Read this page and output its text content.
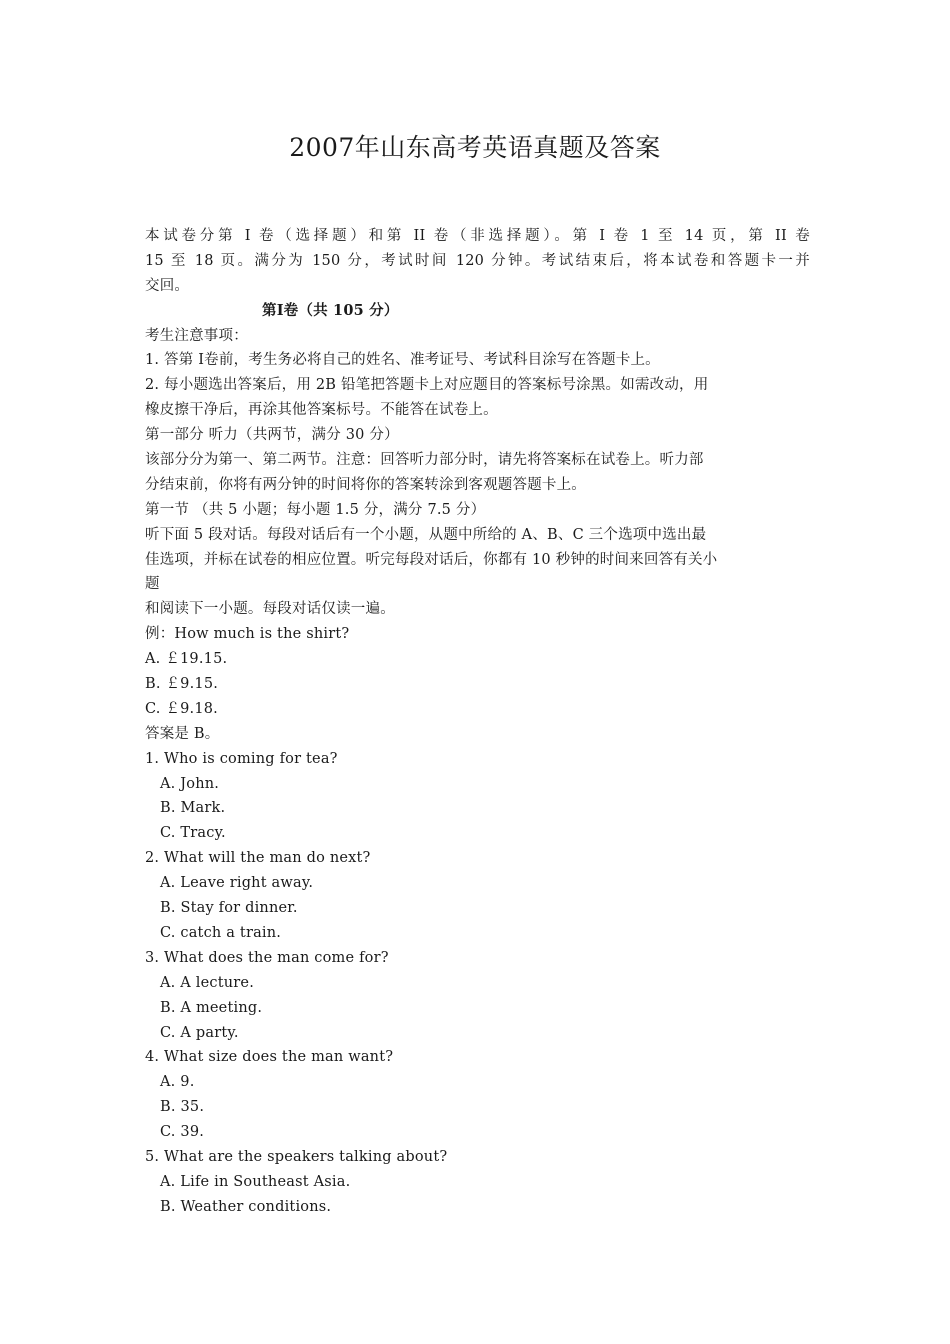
2007年山东高考英语真题及答案
本试卷分第 I 卷（选择题）和第 II 卷（非选择题）。第 I 卷 1 至 14 页，第 II 卷
15 至 18 页。满分为 150 分，考试时间 120 分钟。考试结束后，将本试卷和答题卡一并
交回。
第Ⅰ卷（共 105 分）
考生注意事项：
1. 答第 I卷前，考生务必将自己的姓名、准考证号、考试科目涂写在答题卡上。
2. 每小题选出答案后，用 2B 铅笔把答题卡上对应题目的答案标号涂黑。如需改动，用
橡皮擦干净后，再涂其他答案标号。不能答在试卷上。
第一部分 听力（共两节，满分 30 分）
该部分分为第一、第二两节。注意：回答听力部分时，请先将答案标在试卷上。听力部
分结束前，你将有两分钟的时间将你的答案转涂到客观题答题卡上。
第一节 （共 5 小题；每小题 1.5 分，满分 7.5 分）
听下面 5 段对话。每段对话后有一个小题，从题中所给的 A、B、C 三个选项中选出最
佳选项，并标在试卷的相应位置。听完每段对话后，你都有 10 秒钟的时间来回答有关小
题
和阅读下一小题。每段对话仅读一遍。
例：How much is the shirt?
A. ￡19.15.
B. ￡9.15.
C. ￡9.18.
答案是 B。
1. Who is coming for tea?
A. John.
B. Mark.
C. Tracy.
2. What will the man do next?
A. Leave right away.
B. Stay for dinner.
C. catch a train.
3. What does the man come for?
A. A lecture.
B. A meeting.
C. A party.
4. What size does the man want?
A. 9.
B. 35.
C. 39.
5. What are the speakers talking about?
A. Life in Southeast Asia.
B. Weather conditions.
